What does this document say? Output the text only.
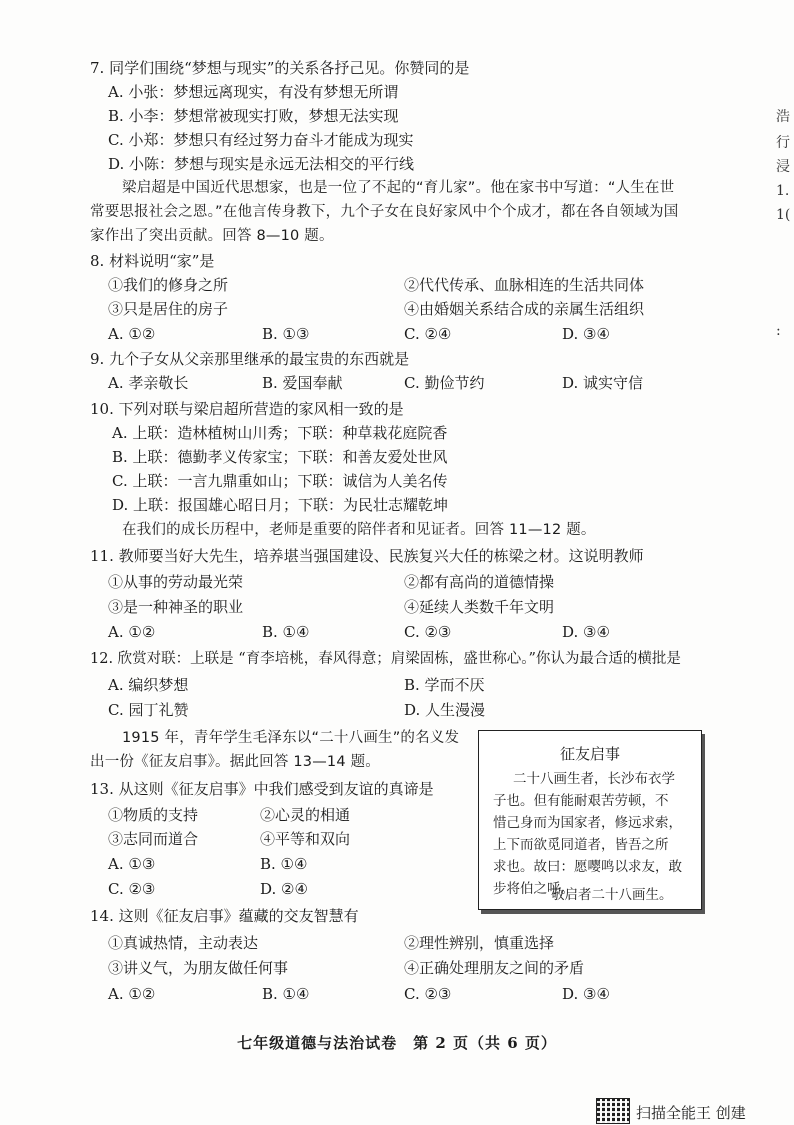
7. 同学们围绕“梦想与现实”的关系各抒己见。你赞同的是
A. 小张：梦想远离现实，有没有梦想无所谓
B. 小李：梦想常被现实打败，梦想无法实现
C. 小郑：梦想只有经过努力奋斗才能成为现实
D. 小陈：梦想与现实是永远无法相交的平行线
梁启超是中国近代思想家，也是一位了不起的“育儿家”。他在家书中写道：“人生在世
常要思报社会之恩。”在他言传身教下，九个子女在良好家风中个个成才，都在各自领域为国
家作出了突出贡献。回答 8—10 题。
8. 材料说明“家”是
①我们的修身之所	②代代传承、血脉相连的生活共同体
③只是居住的房子	④由婚姻关系结合成的亲属生活组织
A. ①②	B. ①③	C. ②④	D. ③④
9. 九个子女从父亲那里继承的最宝贵的东西就是
A. 孝亲敬长	B. 爱国奉献	C. 勤俭节约	D. 诚实守信
10. 下列对联与梁启超所营造的家风相一致的是
A. 上联：造林植树山川秀；下联：种草栽花庭院香
B. 上联：德勤孝义传家宝；下联：和善友爱处世风
C. 上联：一言九鼎重如山；下联：诚信为人美名传
D. 上联：报国雄心昭日月；下联：为民壮志耀乾坤
在我们的成长历程中，老师是重要的陪伴者和见证者。回答 11—12 题。
11. 教师要当好大先生，培养堪当强国建设、民族复兴大任的栋梁之材。这说明教师
①从事的劳动最光荣	②都有高尚的道德情操
③是一种神圣的职业	④延续人类数千年文明
A. ①②	B. ①④	C. ②③	D. ③④
12. 欣赏对联：上联是 “育李培桃，春风得意；肩梁固栋，盛世称心。”你认为最合适的横批是
A. 编织梦想	B. 学而不厌
C. 园丁礼赞	D. 人生漫漫
1915 年，青年学生毛泽东以“二十八画生”的名义发
出一份《征友启事》。据此回答 13—14 题。	征友启事
二十八画生者，长沙布衣学
子也。但有能耐艰苦劳顿，不
惜己身而为国家者，修远求索，
上下而欲觅同道者，皆吾之所
求也。故曰：愿嘤鸣以求友，敢
步将伯之呼。
敬启者二十八画生。
13. 从这则《征友启事》中我们感受到友谊的真谛是
①物质的支持	②心灵的相通
③志同而道合	④平等和双向
A. ①③	B. ①④
C. ②③	D. ②④
14. 这则《征友启事》蕴藏的交友智慧有
①真诚热情，主动表达	②理性辨别，慎重选择
③讲义气，为朋友做任何事	④正确处理朋友之间的矛盾
A. ①②	B. ①④	C. ②③	D. ③④
浩
行
浸
1.
1(
:
七年级道德与法治试卷　第 2 页（共 6 页）
扫描全能王 创建
